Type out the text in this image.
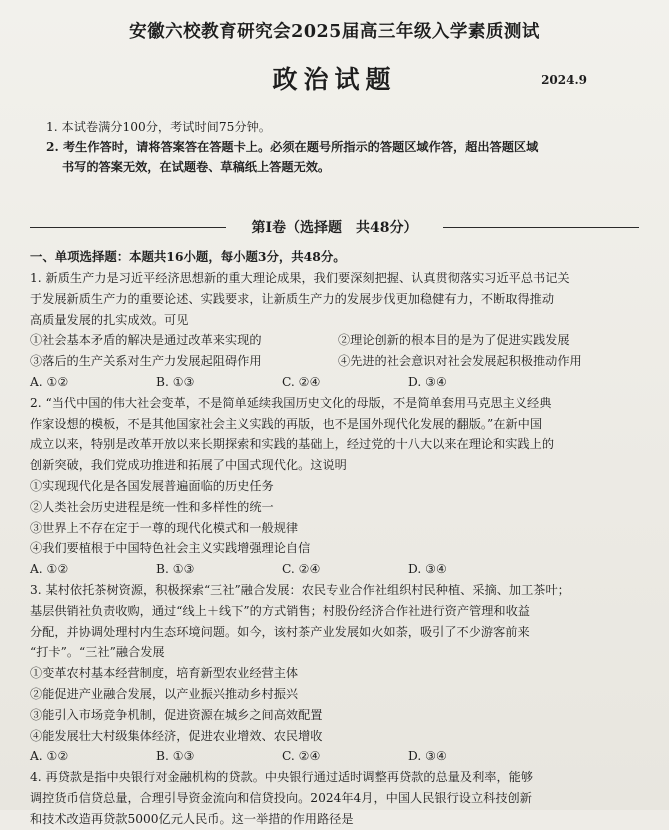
安徽六校教育研究会2025届高三年级入学素质测试
政治试题	2024.9
1. 本试卷满分100分，考试时间75分钟。
2. 考生作答时，请将答案答在答题卡上。必须在题号所指示的答题区域作答，超出答题区域
书写的答案无效，在试题卷、草稿纸上答题无效。
第Ⅰ卷（选择题　共48分）
一、单项选择题：本题共16小题，每小题3分，共48分。
1. 新质生产力是习近平经济思想新的重大理论成果，我们要深刻把握、认真贯彻落实习近平总书记关
于发展新质生产力的重要论述、实践要求，让新质生产力的发展步伐更加稳健有力，不断取得推动
高质量发展的扎实成效。可见
①社会基本矛盾的解决是通过改革来实现的	②理论创新的根本目的是为了促进实践发展
③落后的生产关系对生产力发展起阻碍作用	④先进的社会意识对社会发展起积极推动作用
A. ①②	B. ①③	C. ②④	D. ③④
2. “当代中国的伟大社会变革，不是简单延续我国历史文化的母版，不是简单套用马克思主义经典
作家设想的模板，不是其他国家社会主义实践的再版，也不是国外现代化发展的翻版。”在新中国
成立以来，特别是改革开放以来长期探索和实践的基础上，经过党的十八大以来在理论和实践上的
创新突破，我们党成功推进和拓展了中国式现代化。这说明
①实现现代化是各国发展普遍面临的历史任务
②人类社会历史进程是统一性和多样性的统一
③世界上不存在定于一尊的现代化模式和一般规律
④我们要植根于中国特色社会主义实践增强理论自信
A. ①②	B. ①③	C. ②④	D. ③④
3. 某村依托茶树资源，积极探索“三社”融合发展：农民专业合作社组织村民种植、采摘、加工茶叶；
基层供销社负责收购，通过“线上＋线下”的方式销售；村股份经济合作社进行资产管理和收益
分配，并协调处理村内生态环境问题。如今，该村茶产业发展如火如荼，吸引了不少游客前来
“打卡”。“三社”融合发展
①变革农村基本经营制度，培育新型农业经营主体
②能促进产业融合发展，以产业振兴推动乡村振兴
③能引入市场竞争机制，促进资源在城乡之间高效配置
④能发展壮大村级集体经济，促进农业增效、农民增收
A. ①②	B. ①③	C. ②④	D. ③④
4. 再贷款是指中央银行对金融机构的贷款。中央银行通过适时调整再贷款的总量及利率，能够
调控货币信贷总量，合理引导资金流向和信贷投向。2024年4月，中国人民银行设立科技创新
和技术改造再贷款5000亿元人民币。这一举措的作用路径是
